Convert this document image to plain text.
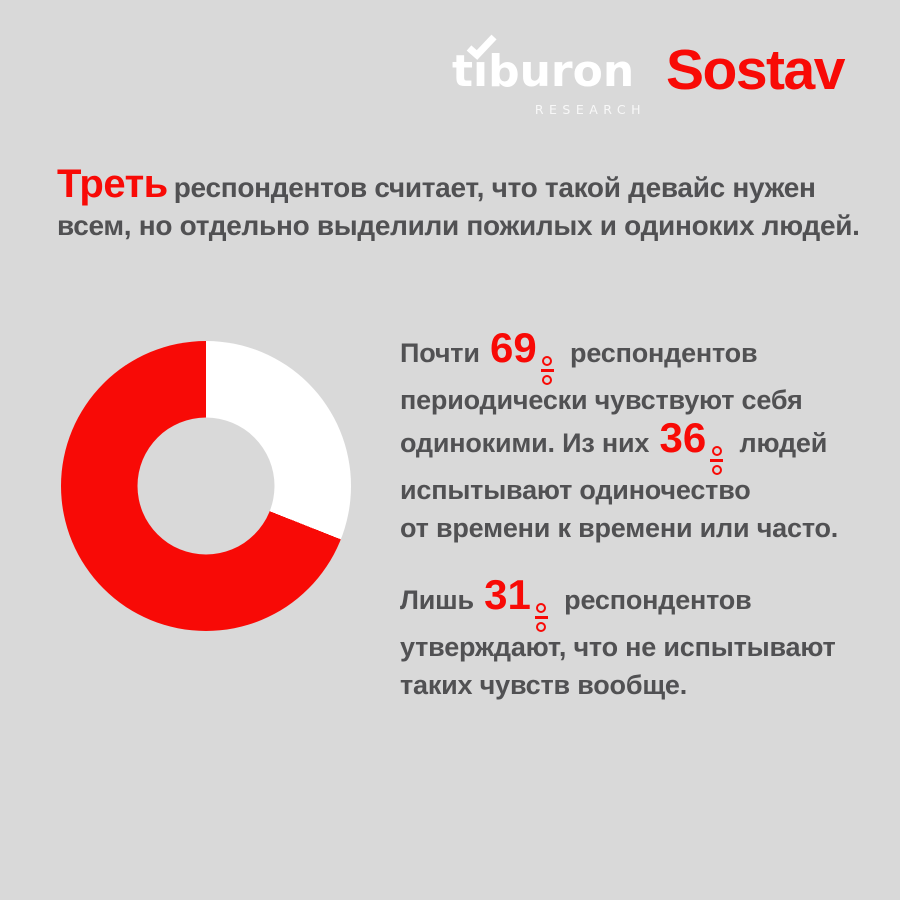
tıburon
RESEARCH
Sostav
Треть респондентов считает, что такой девайс нужен
всем, но отдельно выделили пожилых и одиноких людей.

Почти 69
респондентов
периодически чувствуют себя
одинокими. Из них 36
людей
испытывают одиночество
от времени к времени или часто.

Лишь 31
респондентов
утверждают, что не испытывают
таких чувств вообще.
